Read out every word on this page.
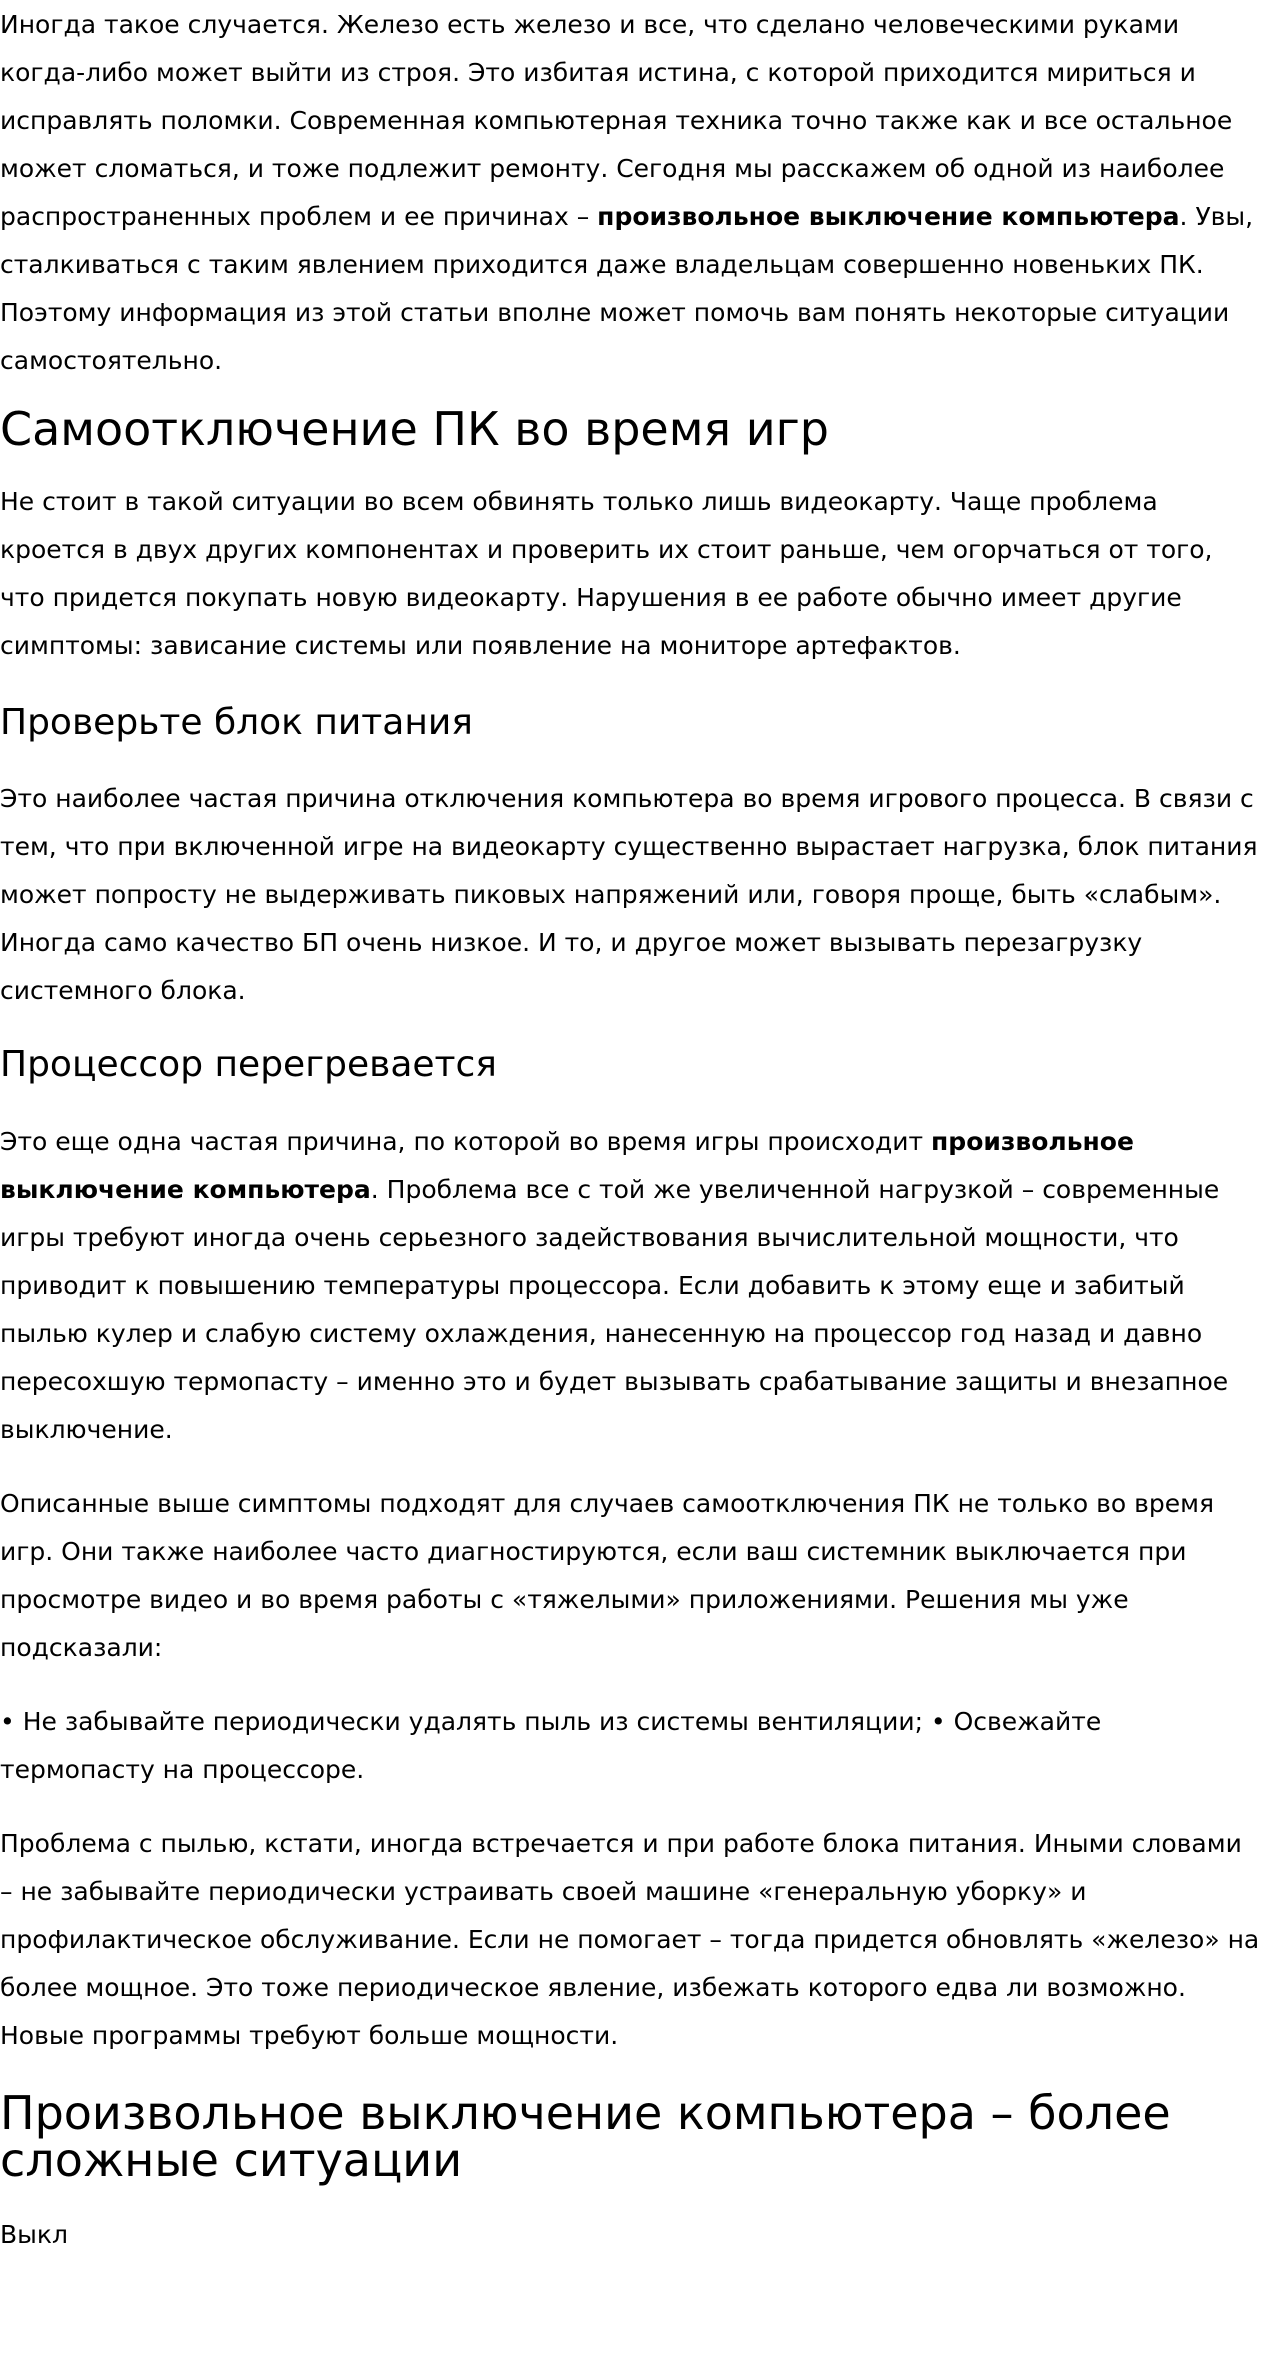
Иногда такое случается. Железо есть железо и все, что сделано человеческими руками когда-либо может выйти из строя. Это избитая истина, с которой приходится мириться и исправлять поломки. Современная компьютерная техника точно также как и все остальное может сломаться, и тоже подлежит ремонту. Сегодня мы расскажем об одной из наиболее распространенных проблем и ее причинах – произвольное выключение компьютера. Увы, сталкиваться с таким явлением приходится даже владельцам совершенно новеньких ПК. Поэтому информация из этой статьи вполне может помочь вам понять некоторые ситуации самостоятельно.

Самоотключение ПК во время игр

Не стоит в такой ситуации во всем обвинять только лишь видеокарту. Чаще проблема кроется в двух других компонентах и проверить их стоит раньше, чем огорчаться от того, что придется покупать новую видеокарту. Нарушения в ее работе обычно имеет другие симптомы: зависание системы или появление на мониторе артефактов.

Проверьте блок питания

Это наиболее частая причина отключения компьютера во время игрового процесса. В связи с тем, что при включенной игре на видеокарту существенно вырастает нагрузка, блок питания может попросту не выдерживать пиковых напряжений или, говоря проще, быть «слабым». Иногда само качество БП очень низкое. И то, и другое может вызывать перезагрузку системного блока.

Процессор перегревается

Это еще одна частая причина, по которой во время игры происходит произвольное выключение компьютера. Проблема все с той же увеличенной нагрузкой – современные игры требуют иногда очень серьезного задействования вычислительной мощности, что приводит к повышению температуры процессора. Если добавить к этому еще и забитый пылью кулер и слабую систему охлаждения, нанесенную на процессор год назад и давно пересохшую термопасту – именно это и будет вызывать срабатывание защиты и внезапное выключение.

Описанные выше симптомы подходят для случаев самоотключения ПК не только во время игр. Они также наиболее часто диагностируются, если ваш системник выключается при просмотре видео и во время работы с «тяжелыми» приложениями. Решения мы уже подсказали:

• Не забывайте периодически удалять пыль из системы вентиляции; • Освежайте термопасту на процессоре.

Проблема с пылью, кстати, иногда встречается и при работе блока питания. Иными словами – не забывайте периодически устраивать своей машине «генеральную уборку» и профилактическое обслуживание. Если не помогает – тогда придется обновлять «железо» на более мощное. Это тоже периодическое явление, избежать которого едва ли возможно. Новые программы требуют больше мощности.

Произвольное выключение компьютера – более сложные ситуации

Выкл
